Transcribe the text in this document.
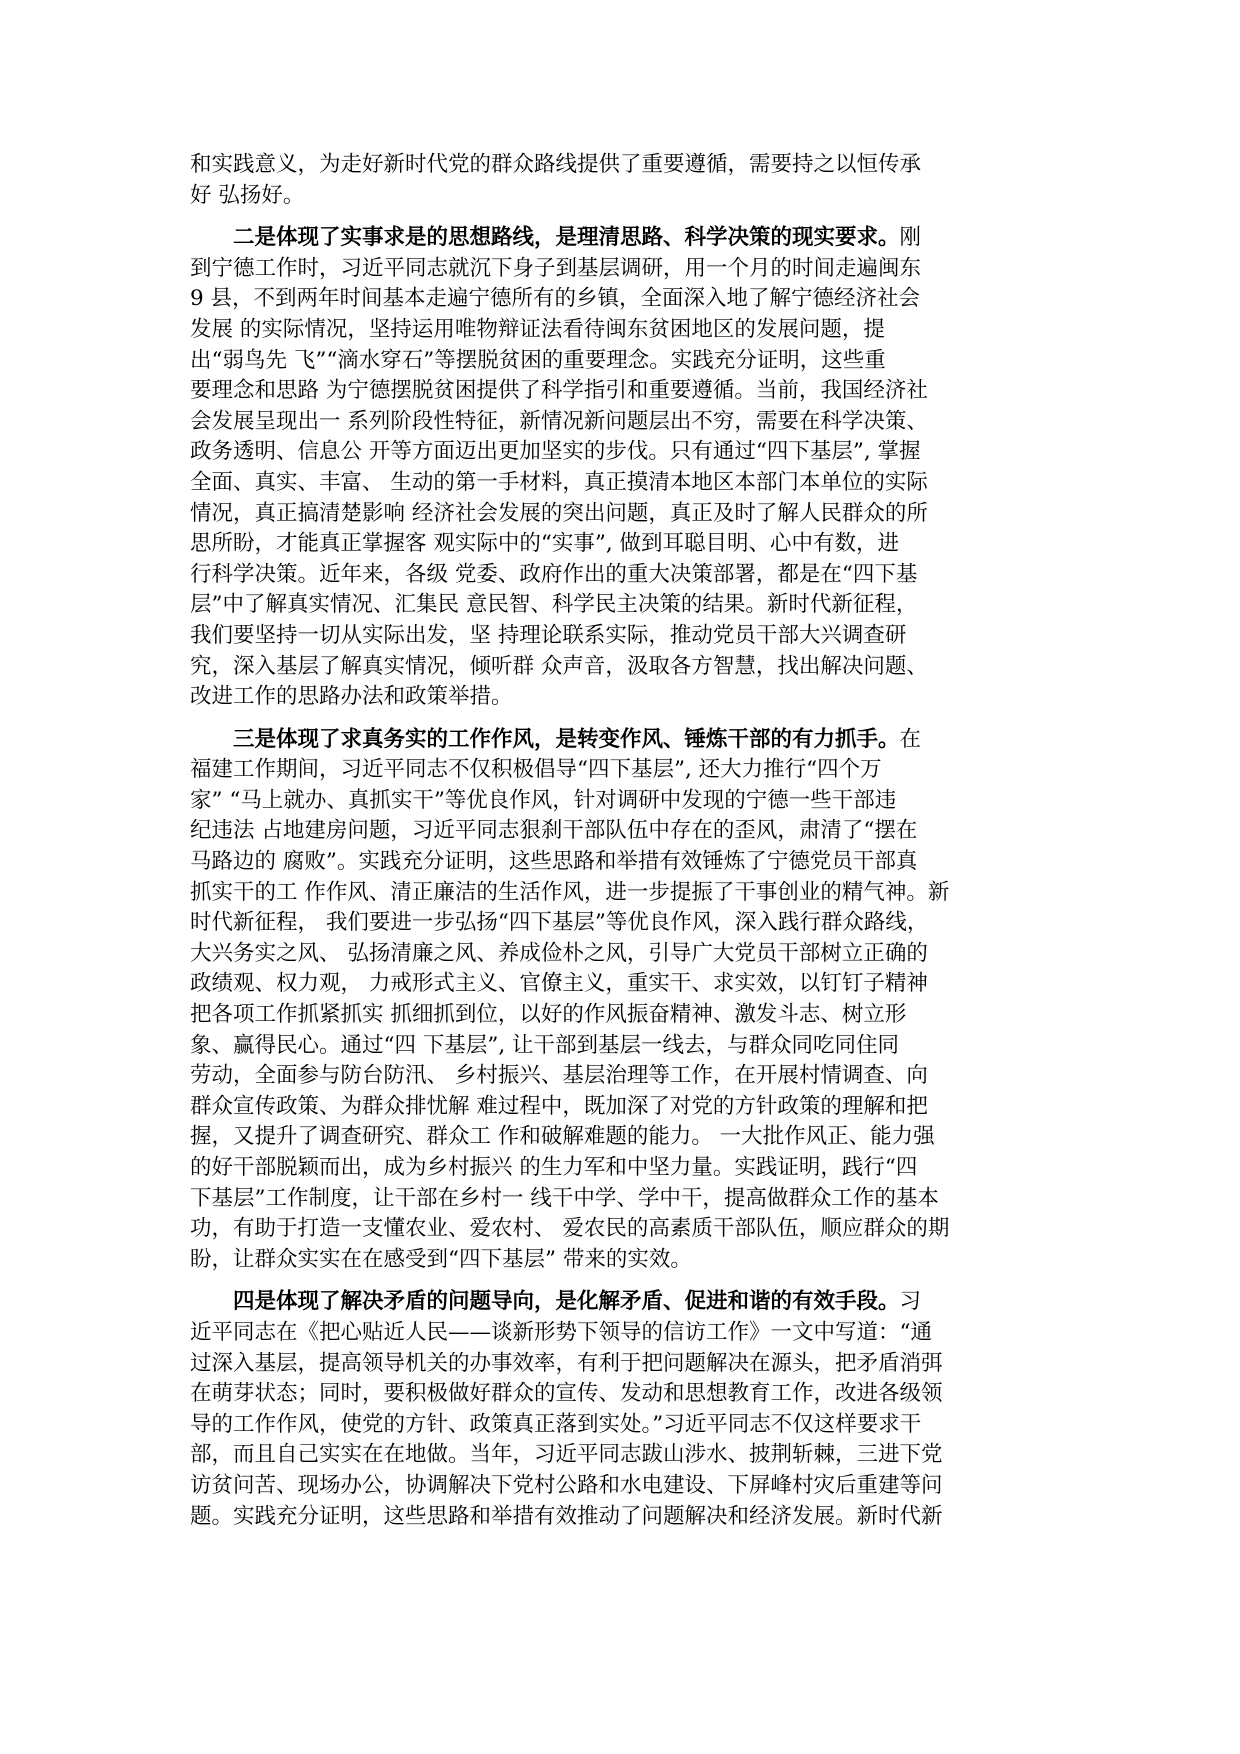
和实践意义，为走好新时代党的群众路线提供了重要遵循，需要持之以恒传承
好 弘扬好。
二是体现了实事求是的思想路线，是理清思路、科学决策的现实要求。刚
到宁德工作时，习近平同志就沉下身子到基层调研，用一个月的时间走遍闽东
9 县，不到两年时间基本走遍宁德所有的乡镇，全面深入地了解宁德经济社会
发展 的实际情况，坚持运用唯物辩证法看待闽东贫困地区的发展问题，提
出“弱鸟先 飞”“滴水穿石”等摆脱贫困的重要理念。实践充分证明，这些重
要理念和思路 为宁德摆脱贫困提供了科学指引和重要遵循。当前，我国经济社
会发展呈现出一 系列阶段性特征，新情况新问题层出不穷，需要在科学决策、
政务透明、信息公 开等方面迈出更加坚实的步伐。只有通过“四下基层”, 掌握
全面、真实、丰富、 生动的第一手材料，真正摸清本地区本部门本单位的实际
情况，真正搞清楚影响 经济社会发展的突出问题，真正及时了解人民群众的所
思所盼，才能真正掌握客 观实际中的“实事”, 做到耳聪目明、心中有数，进
行科学决策。近年来，各级 党委、政府作出的重大决策部署，都是在“四下基
层”中了解真实情况、汇集民 意民智、科学民主决策的结果。新时代新征程，
我们要坚持一切从实际出发，坚 持理论联系实际，推动党员干部大兴调查研
究，深入基层了解真实情况，倾听群 众声音，汲取各方智慧，找出解决问题、
改进工作的思路办法和政策举措。
三是体现了求真务实的工作作风，是转变作风、锤炼干部的有力抓手。在
福建工作期间，习近平同志不仅积极倡导“四下基层”, 还大力推行“四个万
家” “马上就办、真抓实干”等优良作风，针对调研中发现的宁德一些干部违
纪违法 占地建房问题，习近平同志狠刹干部队伍中存在的歪风，肃清了“摆在
马路边的 腐败”。实践充分证明，这些思路和举措有效锤炼了宁德党员干部真
抓实干的工 作作风、清正廉洁的生活作风，进一步提振了干事创业的精气神。新
时代新征程， 我们要进一步弘扬“四下基层”等优良作风，深入践行群众路线，
大兴务实之风、 弘扬清廉之风、养成俭朴之风，引导广大党员干部树立正确的
政绩观、权力观， 力戒形式主义、官僚主义，重实干、求实效，以钉钉子精神
把各项工作抓紧抓实 抓细抓到位，以好的作风振奋精神、激发斗志、树立形
象、赢得民心。通过“四 下基层”, 让干部到基层一线去，与群众同吃同住同
劳动，全面参与防台防汛、 乡村振兴、基层治理等工作，在开展村情调查、向
群众宣传政策、为群众排忧解 难过程中，既加深了对党的方针政策的理解和把
握，又提升了调查研究、群众工 作和破解难题的能力。 一大批作风正、能力强
的好干部脱颖而出，成为乡村振兴 的生力军和中坚力量。实践证明，践行“四
下基层”工作制度，让干部在乡村一 线干中学、学中干，提高做群众工作的基本
功，有助于打造一支懂农业、爱农村、 爱农民的高素质干部队伍，顺应群众的期
盼，让群众实实在在感受到“四下基层” 带来的实效。
四是体现了解决矛盾的问题导向，是化解矛盾、促进和谐的有效手段。习
近平同志在《把心贴近人民——谈新形势下领导的信访工作》一文中写道：“通
过深入基层，提高领导机关的办事效率，有利于把问题解决在源头，把矛盾消弭
在萌芽状态；同时，要积极做好群众的宣传、发动和思想教育工作，改进各级领
导的工作作风，使党的方针、政策真正落到实处。”习近平同志不仅这样要求干
部，而且自己实实在在地做。当年，习近平同志跋山涉水、披荆斩棘，三进下党
访贫问苦、现场办公，协调解决下党村公路和水电建设、下屏峰村灾后重建等问
题。实践充分证明，这些思路和举措有效推动了问题解决和经济发展。新时代新
